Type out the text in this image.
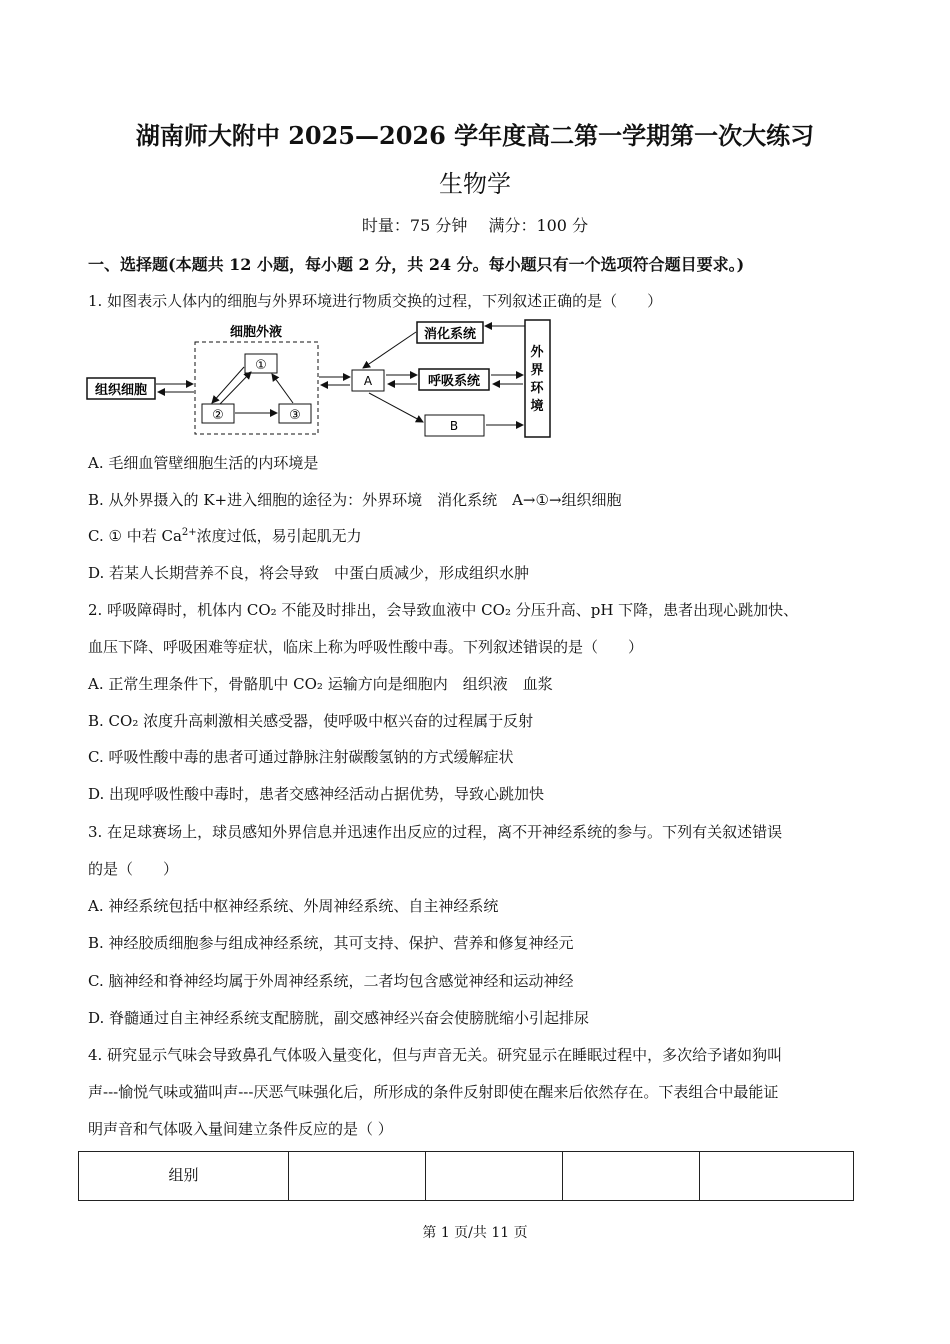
湖南师大附中 2025—2026 学年度高二第一学期第一次大练习
生物学
时量：75 分钟　 满分：100 分
一、选择题(本题共 12 小题，每小题 2 分，共 24 分。每小题只有一个选项符合题目要求。)
1. 如图表示人体内的细胞与外界环境进行物质交换的过程，下列叙述正确的是（　　）
细胞外液
①
②	③
组织细胞
A
消化系统
呼吸系统
B
外
界
环
境
A. 毛细血管壁细胞生活的内环境是
B. 从外界摄入的 K+进入细胞的途径为：外界环境　消化系统　A→①→组织细胞
C. ① 中若 $Ca^{2+}$浓度过低，易引起肌无力
D. 若某人长期营养不良，将会导致　中蛋白质减少，形成组织水肿
2. 呼吸障碍时，机体内 CO₂ 不能及时排出，会导致血液中 CO₂ 分压升高、pH 下降，患者出现心跳加快、
血压下降、呼吸困难等症状，临床上称为呼吸性酸中毒。下列叙述错误的是（　　）
A. 正常生理条件下，骨骼肌中 CO₂ 运输方向是细胞内　组织液　血浆
B. CO₂ 浓度升高刺激相关感受器，使呼吸中枢兴奋的过程属于反射
C. 呼吸性酸中毒的患者可通过静脉注射碳酸氢钠的方式缓解症状
D. 出现呼吸性酸中毒时，患者交感神经活动占据优势，导致心跳加快
3. 在足球赛场上，球员感知外界信息并迅速作出反应的过程，离不开神经系统的参与。下列有关叙述错误
的是（　　）
A. 神经系统包括中枢神经系统、外周神经系统、自主神经系统
B. 神经胶质细胞参与组成神经系统，其可支持、保护、营养和修复神经元
C. 脑神经和脊神经均属于外周神经系统，二者均包含感觉神经和运动神经
D. 脊髓通过自主神经系统支配膀胱，副交感神经兴奋会使膀胱缩小引起排尿
4. 研究显示气味会导致鼻孔气体吸入量变化，但与声音无关。研究显示在睡眠过程中，多次给予诸如狗叫
声---愉悦气味或猫叫声---厌恶气味强化后，所形成的条件反射即使在醒来后依然存在。下表组合中最能证
明声音和气体吸入量间建立条件反应的是（ ）
组别				
第 1 页/共 11 页
